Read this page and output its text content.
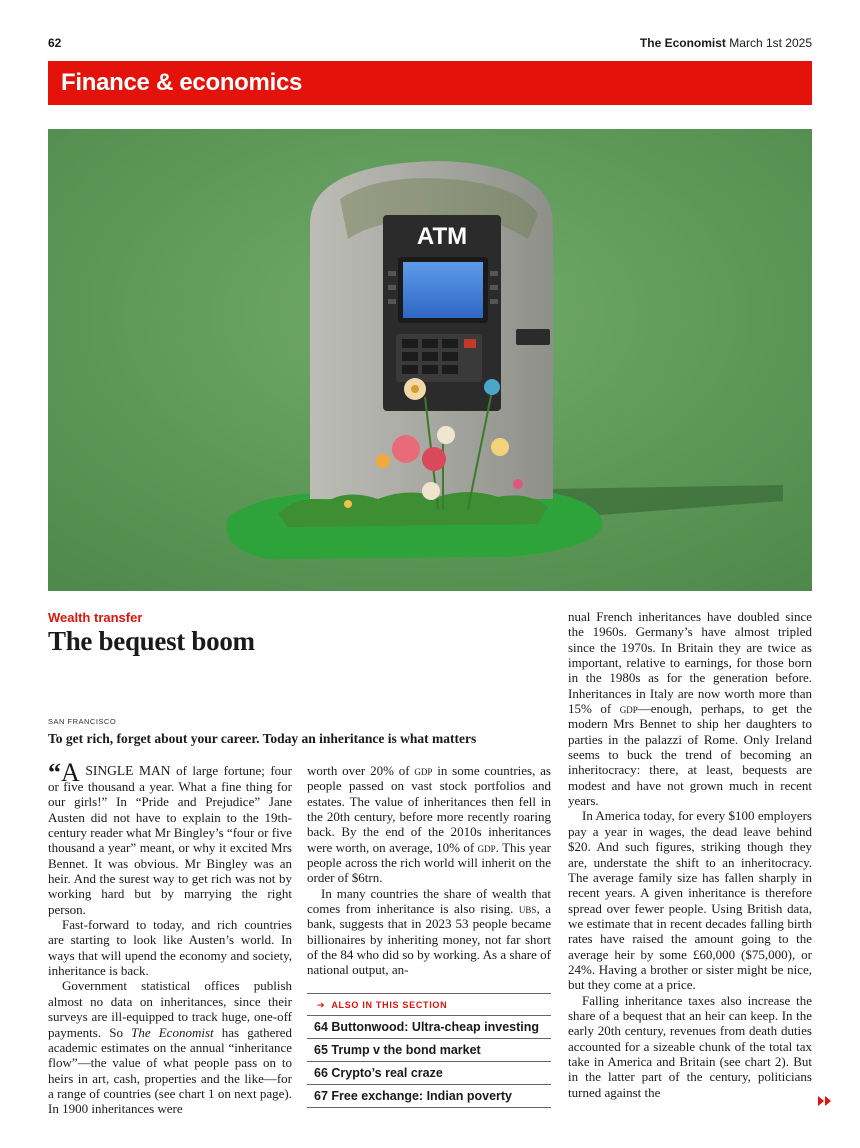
62	The Economist March 1st 2025
Finance & economics
ATM
Wealth transfer
The bequest boom
SAN FRANCISCO
To get rich, forget about your career. Today an inheritance is what matters

“A SINGLE MAN of large fortune; four or five thousand a year. What a fine thing for our girls!” In “Pride and Prejudice” Jane Austen did not have to explain to the 19th-century reader what Mr Bingley’s “four or five thousand a year” meant, or why it excited Mrs Bennet. It was obvious. Mr Bingley was an heir. And the surest way to get rich was not by working hard but by marrying the right person.

Fast-forward to today, and rich countries are starting to look like Austen’s world. In ways that will upend the economy and society, inheritance is back.

Government statistical offices publish almost no data on inheritances, since their surveys are ill-equipped to track huge, one-off payments. So The Economist has gathered academic estimates on the annual “inheritance flow”—the value of what people pass on to heirs in art, cash, properties and the like—for a range of countries (see chart 1 on next page). In 1900 inheritances were

worth over 20% of gdp in some countries, as people passed on vast stock portfolios and estates. The value of inheritances then fell in the 20th century, before more recently roaring back. By the end of the 2010s inheritances were worth, on average, 10% of gdp. This year people across the rich world will inherit on the order of $6trn.

In many countries the share of wealth that comes from inheritance is also rising. ubs, a bank, suggests that in 2023 53 people became billionaires by inheriting money, not far short of the 84 who did so by working. As a share of national output, an-

➔ ALSO IN THIS SECTION
64 Buttonwood: Ultra-cheap investing
65 Trump v the bond market
66 Crypto’s real craze
67 Free exchange: Indian poverty

nual French inheritances have doubled since the 1960s. Germany’s have almost tripled since the 1970s. In Britain they are twice as important, relative to earnings, for those born in the 1980s as for the generation before. Inheritances in Italy are now worth more than 15% of gdp—enough, perhaps, to get the modern Mrs Bennet to ship her daughters to parties in the palazzi of Rome. Only Ireland seems to buck the trend of becoming an inheritocracy: there, at least, bequests are modest and have not grown much in recent years.

In America today, for every $100 employers pay a year in wages, the dead leave behind $20. And such figures, striking though they are, understate the shift to an inheritocracy. The average family size has fallen sharply in recent years. A given inheritance is therefore spread over fewer people. Using British data, we estimate that in recent decades falling birth rates have raised the amount going to the average heir by some £60,000 ($75,000), or 24%. Having a brother or sister might be nice, but they come at a price.

Falling inheritance taxes also increase the share of a bequest that an heir can keep. In the early 20th century, revenues from death duties accounted for a sizeable chunk of the total tax take in America and Britain (see chart 2). But in the latter part of the century, politicians turned against the
